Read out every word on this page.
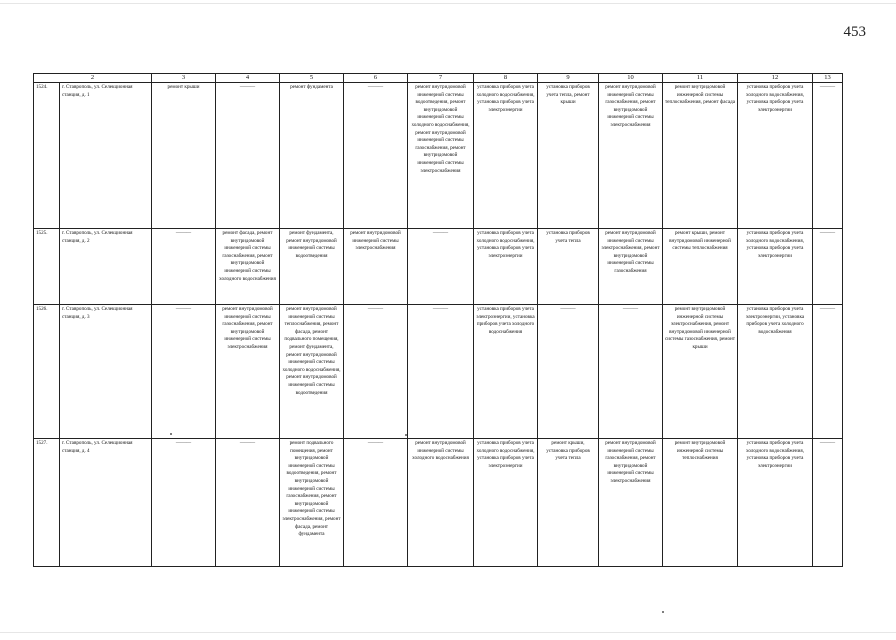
453
2		3	4	5	6	7	8	9	10	11	12	13
1524.	г. Ставрополь, ул. Селекционная станция, д. 1	ремонт крыши	———	ремонт фундамента	———	ремонт внутридомовой инженерной системы водоотведения, ремонт внутридомовой инженерной системы холодного водоснабжения, ремонт внутридомовой инженерной системы газоснабжения, ремонт внутридомовой инженерной системы электроснабжения	установка приборов учета холодного водоснабжения, установка приборов учета электроэнергии	установка приборов учета тепла, ремонт крыши	ремонт внутридомовой инженерной системы газоснабжения, ремонт внутридомовой инженерной системы электроснабжения	ремонт внутридомовой инженерной системы теплоснабжения, ремонт фасада	установка приборов учета холодного водоснабжения, установка приборов учета электроэнергии	———
1525.	г. Ставрополь, ул. Селекционная станция, д. 2	———	ремонт фасада, ремонт внутридомовой инженерной системы газоснабжения, ремонт внутридомовой инженерной системы холодного водоснабжения	ремонт фундамента, ремонт внутридомовой инженерной системы водоотведения	ремонт внутридомовой инженерной системы электроснабжения	———	установка приборов учета холодного водоснабжения, установка приборов учета электроэнергии	установка приборов учета тепла	ремонт внутридомовой инженерной системы электроснабжения, ремонт внутридомовой инженерной системы газоснабжения	ремонт крыши, ремонт внутридомовой инженерной системы теплоснабжения	установка приборов учета холодного водоснабжения, установка приборов учета электроэнергии	———
1526.	г. Ставрополь, ул. Селекционная станция, д. 3	———	ремонт внутридомовой инженерной системы газоснабжения, ремонт внутридомовой инженерной системы электроснабжения	ремонт внутридомовой инженерной системы теплоснабжения, ремонт фасада, ремонт подвального помещения, ремонт фундамента, ремонт внутридомовой инженерной системы холодного водоснабжения, ремонт внутридомовой инженерной системы водоотведения	———	———	установка приборов учета электроэнергии, установка приборов учета холодного водоснабжения	———	———	ремонт внутридомовой инженерной системы электроснабжения, ремонт внутридомовой инженерной системы газоснабжения, ремонт крыши	установка приборов учета электроэнергии, установка приборов учета холодного водоснабжения	———
1527.	г. Ставрополь, ул. Селекционная станция, д. 4	———	———	ремонт подвального помещения, ремонт внутридомовой инженерной системы водоотведения, ремонт внутридомовой инженерной системы газоснабжения, ремонт внутридомовой инженерной системы электроснабжения, ремонт фасада, ремонт фундамента	———	ремонт внутридомовой инженерной системы холодного водоснабжения	установка приборов учета холодного водоснабжения, установка приборов учета электроэнергии	ремонт крыши, установка приборов учета тепла	ремонт внутридомовой инженерной системы газоснабжения, ремонт внутридомовой инженерной системы электроснабжения	ремонт внутридомовой инженерной системы теплоснабжения	установка приборов учета холодного водоснабжения, установка приборов учета электроэнергии	———
